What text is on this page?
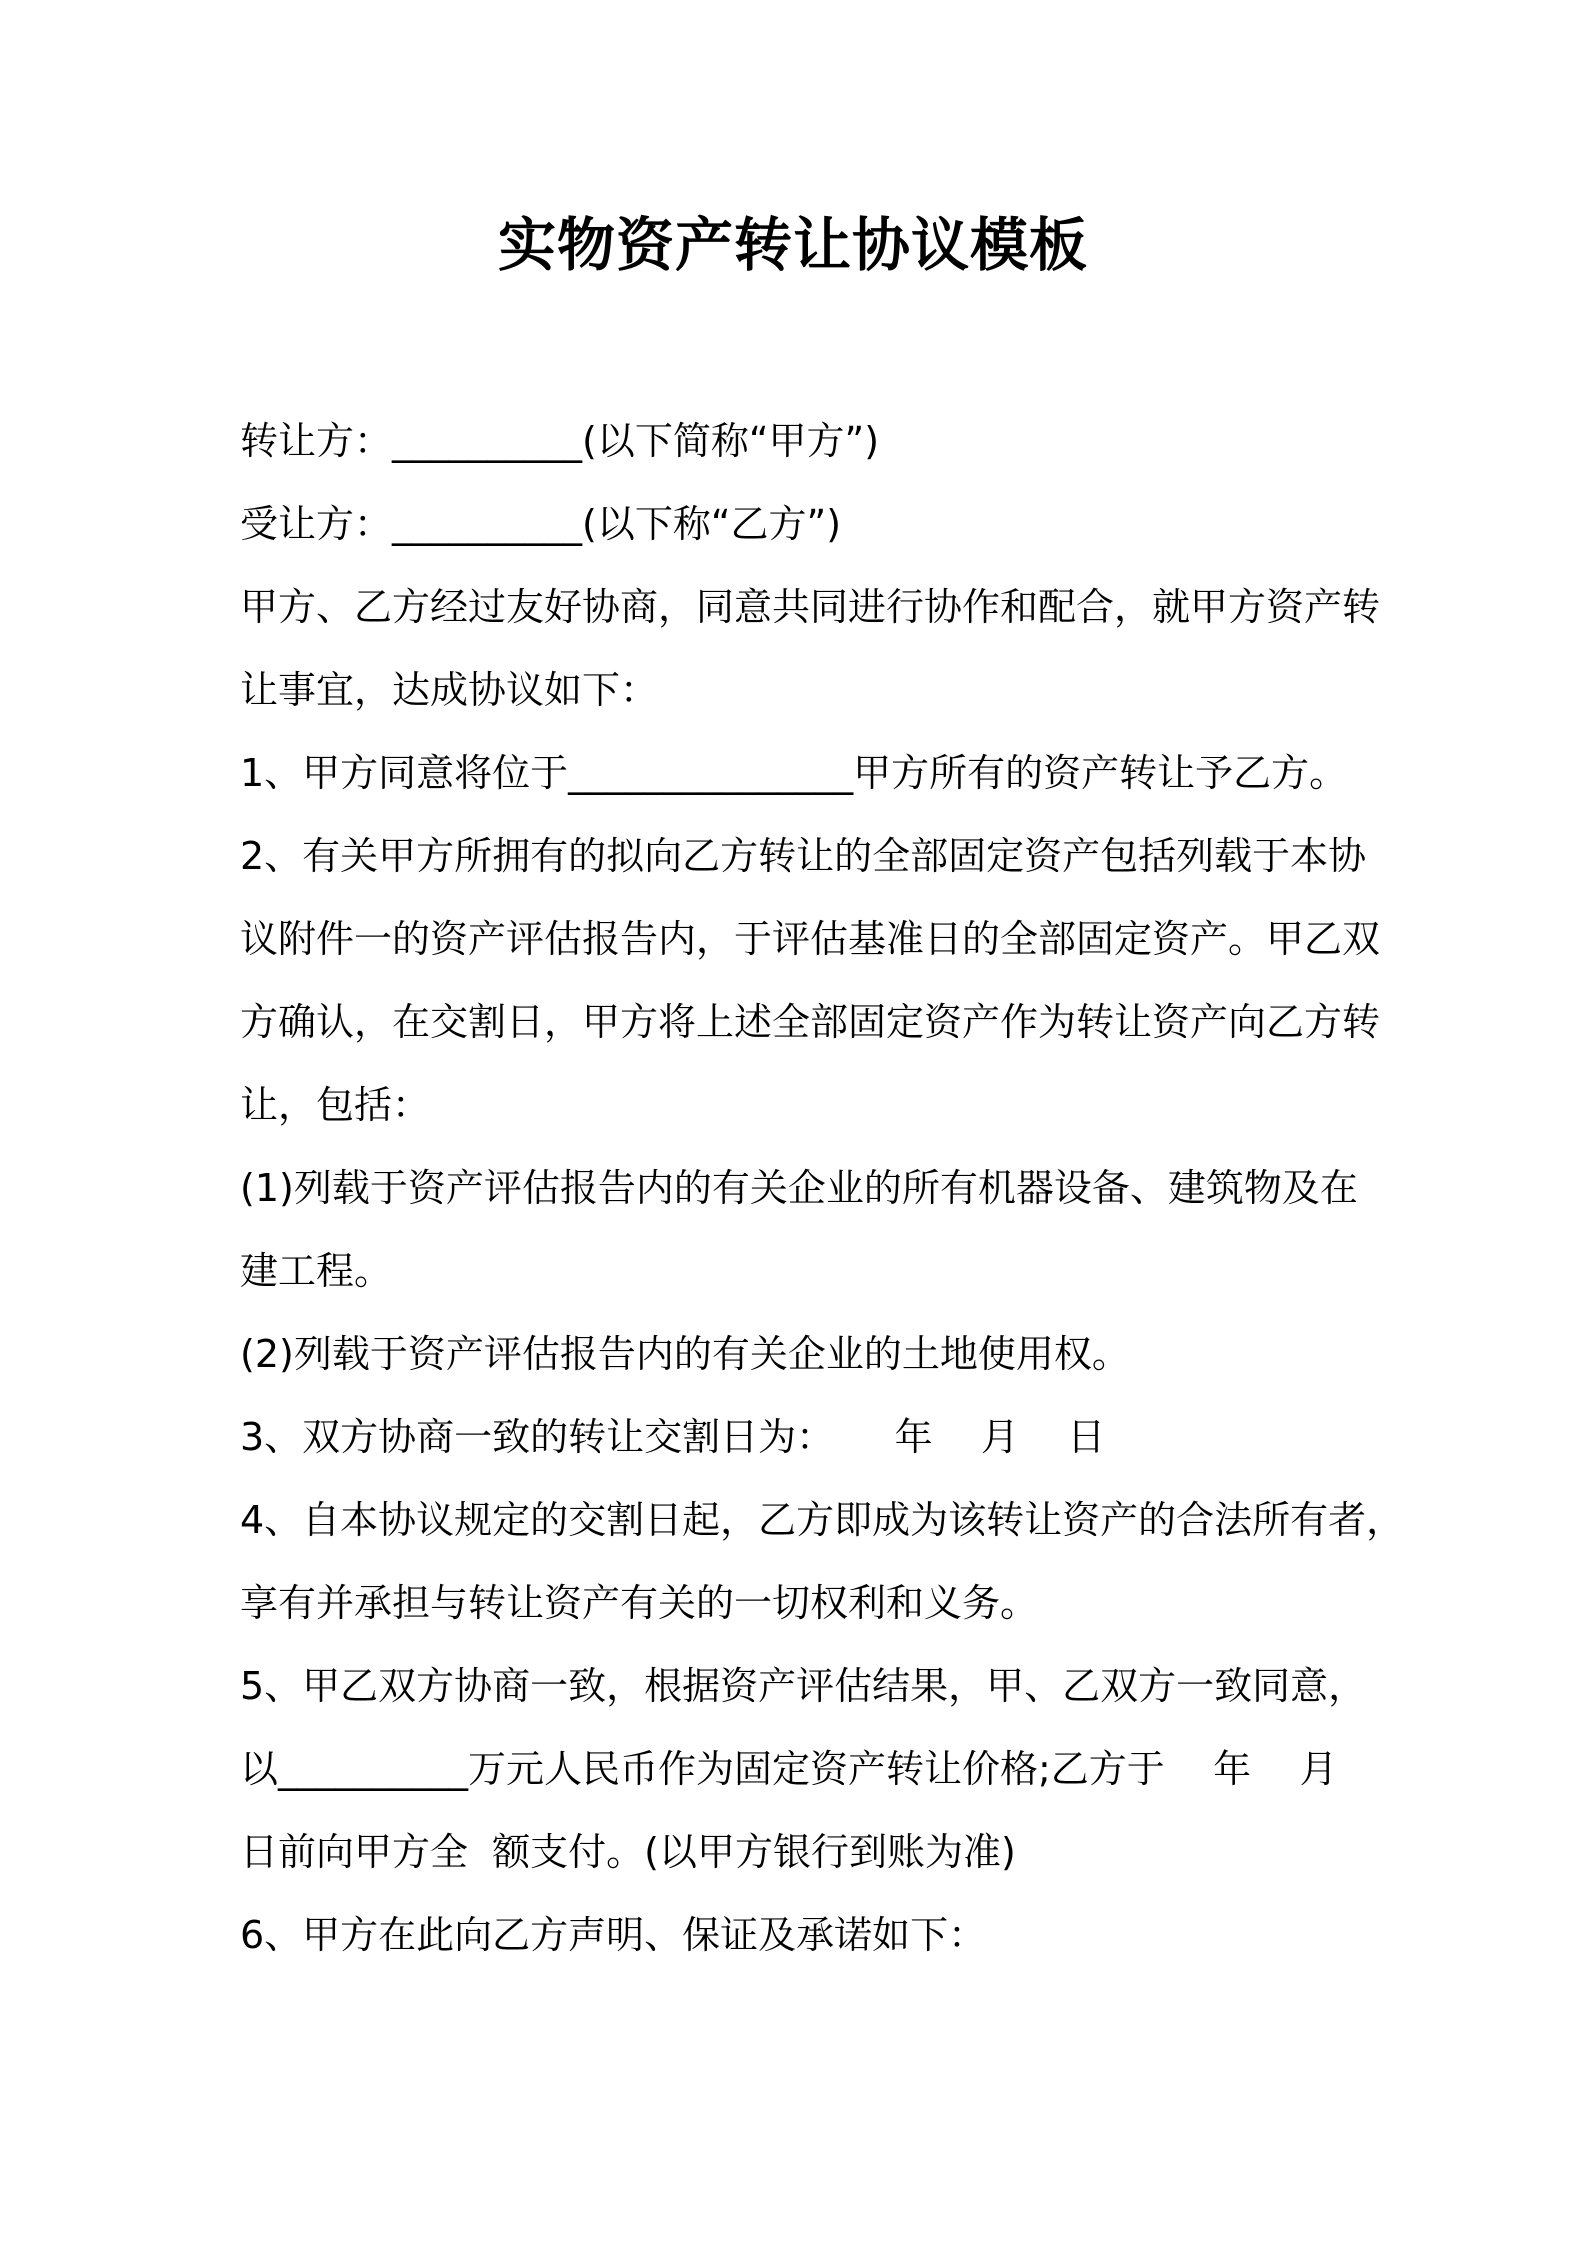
实物资产转让协议模板
转让方：__________(以下简称“甲方”)
受让方：__________(以下称“乙方”)
甲方、乙方经过友好协商，同意共同进行协作和配合，就甲方资产转
让事宜，达成协议如下：
1、甲方同意将位于_______________甲方所有的资产转让予乙方。
2、有关甲方所拥有的拟向乙方转让的全部固定资产包括列载于本协
议附件一的资产评估报告内，于评估基准日的全部固定资产。甲乙双
方确认，在交割日，甲方将上述全部固定资产作为转让资产向乙方转
让，包括：
(1)列载于资产评估报告内的有关企业的所有机器设备、建筑物及在
建工程。
(2)列载于资产评估报告内的有关企业的土地使用权。
3、双方协商一致的转让交割日为：     年    月    日
4、自本协议规定的交割日起，乙方即成为该转让资产的合法所有者，
享有并承担与转让资产有关的一切权利和义务。
5、甲乙双方协商一致，根据资产评估结果，甲、乙双方一致同意，
以__________万元人民币作为固定资产转让价格;乙方于    年    月
日前向甲方全  额支付。(以甲方银行到账为准)
6、甲方在此向乙方声明、保证及承诺如下：
